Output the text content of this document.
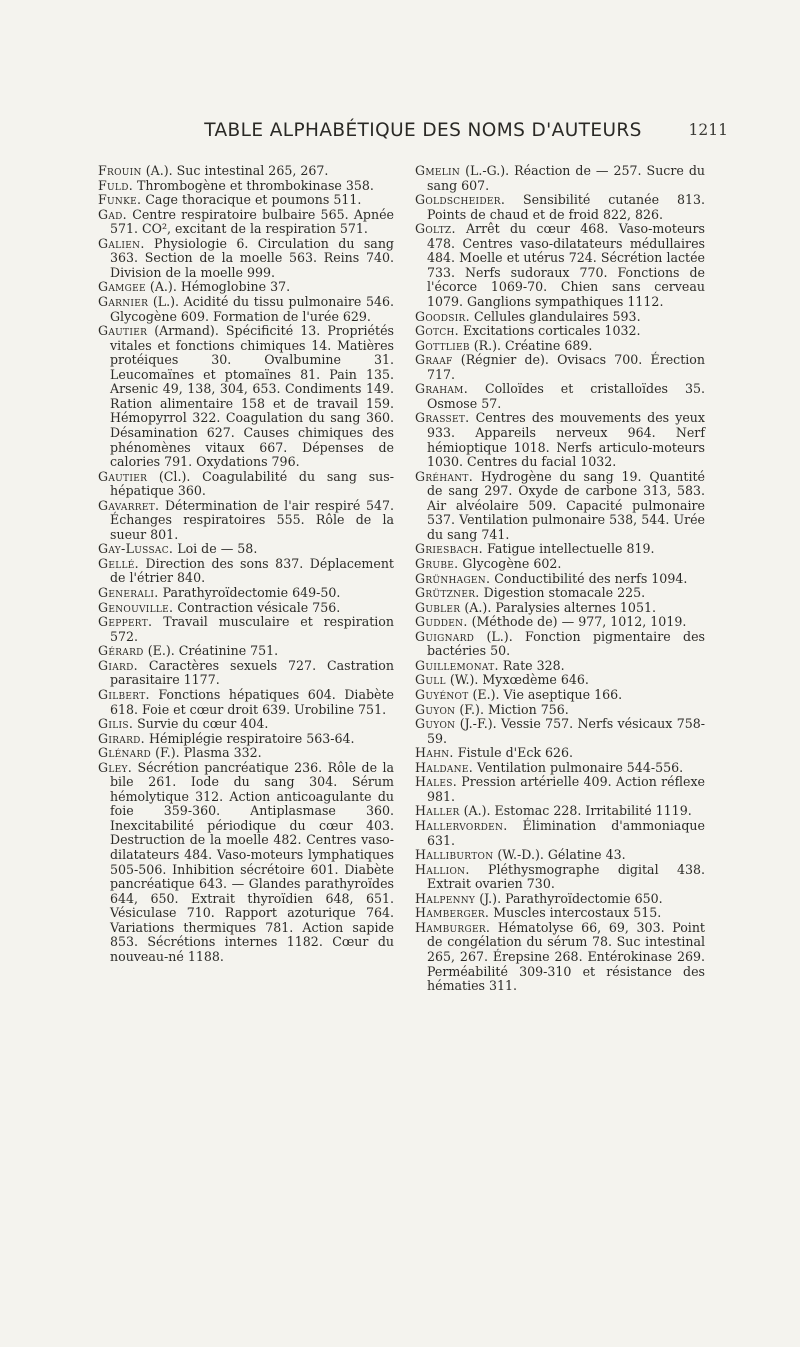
TABLE ALPHABÉTIQUE DES NOMS D'AUTEURS	1211

Frouin (A.). Suc intestinal 265, 267.

Fuld. Thrombogène et thrombokinase 358.

Funke. Cage thoracique et poumons 511.

Gad. Centre respiratoire bulbaire 565. Apnée 571. CO², excitant de la respiration 571.

Galien. Physiologie 6. Circulation du sang 363. Section de la moelle 563. Reins 740. Division de la moelle 999.

Gamgee (A.). Hémoglobine 37.

Garnier (L.). Acidité du tissu pulmonaire 546. Glycogène 609. Formation de l'urée 629.

Gautier (Armand). Spécificité 13. Propriétés vitales et fonctions chimiques 14. Matières protéiques 30. Ovalbumine 31. Leucomaïnes et ptomaïnes 81. Pain 135. Arsenic 49, 138, 304, 653. Condiments 149. Ration alimentaire 158 et de travail 159. Hémopyrrol 322. Coagulation du sang 360. Désamination 627. Causes chimiques des phénomènes vitaux 667. Dépenses de calories 791. Oxydations 796.

Gautier (Cl.). Coagulabilité du sang sus-hépatique 360.

Gavarret. Détermination de l'air respiré 547. Échanges respiratoires 555. Rôle de la sueur 801.

Gay-Lussac. Loi de — 58.

Gellé. Direction des sons 837. Déplacement de l'étrier 840.

Generali. Parathyroïdectomie 649-50.

Genouville. Contraction vésicale 756.

Geppert. Travail musculaire et respiration 572.

Gérard (E.). Créatinine 751.

Giard. Caractères sexuels 727. Castration parasitaire 1177.

Gilbert. Fonctions hépatiques 604. Diabète 618. Foie et cœur droit 639. Urobiline 751.

Gilis. Survie du cœur 404.

Girard. Hémiplégie respiratoire 563-64.

Glénard (F.). Plasma 332.

Gley. Sécrétion pancréatique 236. Rôle de la bile 261. Iode du sang 304. Sérum hémolytique 312. Action anticoagulante du foie 359-360. Antiplasmase 360. Inexcitabilité périodique du cœur 403. Destruction de la moelle 482. Centres vaso-dilatateurs 484. Vaso-moteurs lymphatiques 505-506. Inhibition sécrétoire 601. Diabète pancréatique 643. — Glandes parathyroïdes 644, 650. Extrait thyroïdien 648, 651. Vésiculase 710. Rapport azoturique 764. Variations thermiques 781. Action sapide 853. Sécrétions internes 1182. Cœur du nouveau-né 1188.

Gmelin (L.-G.). Réaction de — 257. Sucre du sang 607.

Goldscheider. Sensibilité cutanée 813. Points de chaud et de froid 822, 826.

Goltz. Arrêt du cœur 468. Vaso-moteurs 478. Centres vaso-dilatateurs médullaires 484. Moelle et utérus 724. Sécrétion lactée 733. Nerfs sudoraux 770. Fonctions de l'écorce 1069-70. Chien sans cerveau 1079. Ganglions sympathiques 1112.

Goodsir. Cellules glandulaires 593.

Gotch. Excitations corticales 1032.

Gottlieb (R.). Créatine 689.

Graaf (Régnier de). Ovisacs 700. Érection 717.

Graham. Colloïdes et cristalloïdes 35. Osmose 57.

Grasset. Centres des mouvements des yeux 933. Appareils nerveux 964. Nerf hémioptique 1018. Nerfs articulo-moteurs 1030. Centres du facial 1032.

Gréhant. Hydrogène du sang 19. Quantité de sang 297. Oxyde de carbone 313, 583. Air alvéolaire 509. Capacité pulmonaire 537. Ventilation pulmonaire 538, 544. Urée du sang 741.

Griesbach. Fatigue intellectuelle 819.

Grube. Glycogène 602.

Grünhagen. Conductibilité des nerfs 1094.

Grützner. Digestion stomacale 225.

Gubler (A.). Paralysies alternes 1051.

Gudden. (Méthode de) — 977, 1012, 1019.

Guignard (L.). Fonction pigmentaire des bactéries 50.

Guillemonat. Rate 328.

Gull (W.). Myxœdème 646.

Guyénot (E.). Vie aseptique 166.

Guyon (F.). Miction 756.

Guyon (J.-F.). Vessie 757. Nerfs vésicaux 758-59.

Hahn. Fistule d'Eck 626.

Haldane. Ventilation pulmonaire 544-556.

Hales. Pression artérielle 409. Action réflexe 981.

Haller (A.). Estomac 228. Irritabilité 1119.

Hallervorden. Élimination d'ammoniaque 631.

Halliburton (W.-D.). Gélatine 43.

Hallion. Pléthysmographe digital 438. Extrait ovarien 730.

Halpenny (J.). Parathyroïdectomie 650.

Hamberger. Muscles intercostaux 515.

Hamburger. Hématolyse 66, 69, 303. Point de congélation du sérum 78. Suc intestinal 265, 267. Érepsine 268. Entérokinase 269. Perméabilité 309-310 et résistance des hématies 311.
